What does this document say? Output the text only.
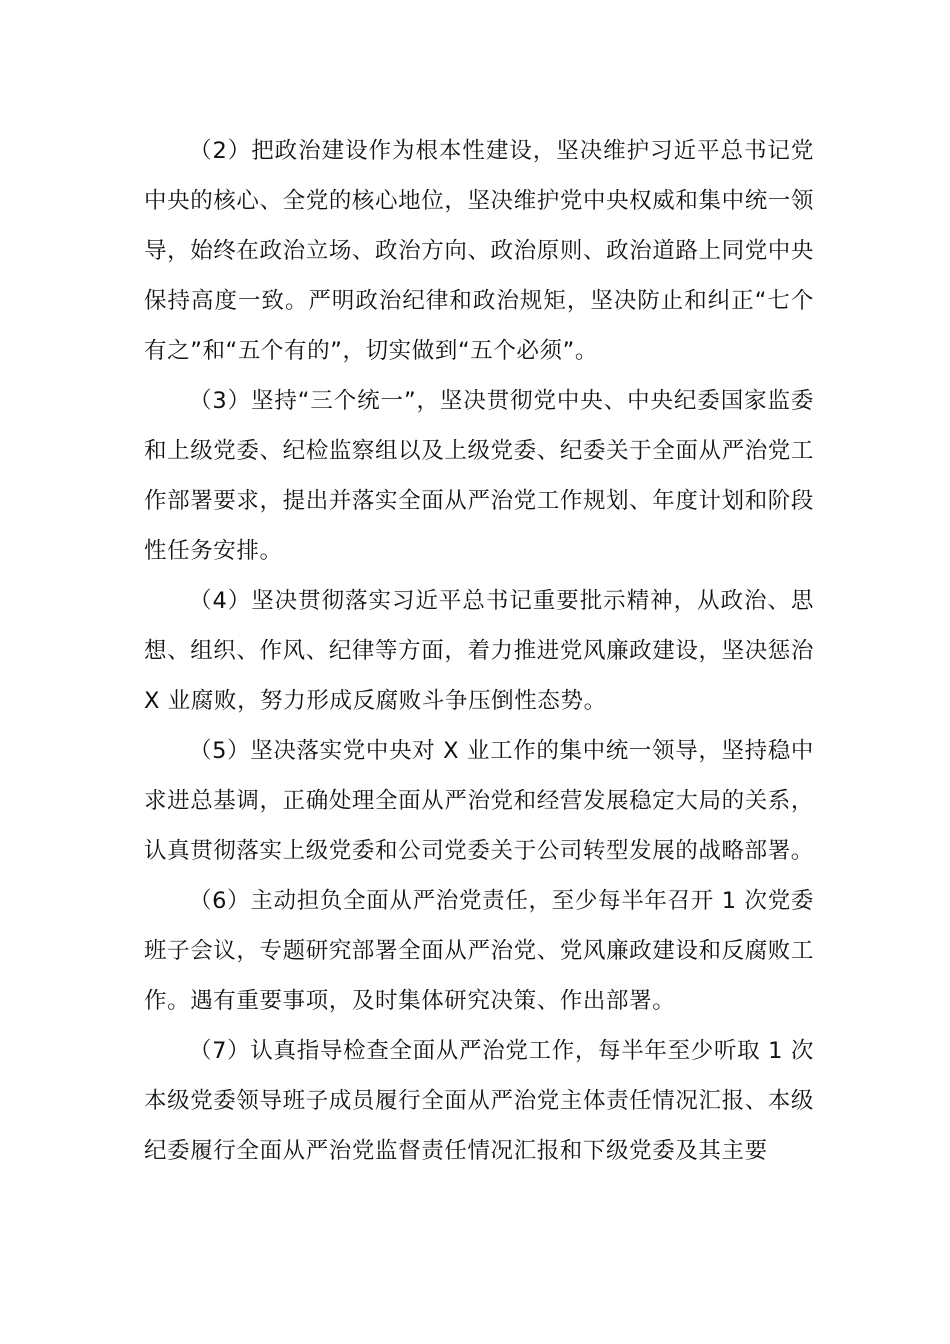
（2）把政治建设作为根本性建设，坚决维护习近平总书记党中央的核心、全党的核心地位，坚决维护党中央权威和集中统一领导，始终在政治立场、政治方向、政治原则、政治道路上同党中央保持高度一致。严明政治纪律和政治规矩，坚决防止和纠正“七个有之”和“五个有的”，切实做到“五个必须”。

（3）坚持“三个统一”，坚决贯彻党中央、中央纪委国家监委和上级党委、纪检监察组以及上级党委、纪委关于全面从严治党工作部署要求，提出并落实全面从严治党工作规划、年度计划和阶段性任务安排。

（4）坚决贯彻落实习近平总书记重要批示精神，从政治、思想、组织、作风、纪律等方面，着力推进党风廉政建设，坚决惩治 X 业腐败，努力形成反腐败斗争压倒性态势。

（5）坚决落实党中央对 X 业工作的集中统一领导，坚持稳中求进总基调，正确处理全面从严治党和经营发展稳定大局的关系，认真贯彻落实上级党委和公司党委关于公司转型发展的战略部署。

（6）主动担负全面从严治党责任，至少每半年召开 1 次党委班子会议，专题研究部署全面从严治党、党风廉政建设和反腐败工作。遇有重要事项，及时集体研究决策、作出部署。

（7）认真指导检查全面从严治党工作，每半年至少听取 1 次本级党委领导班子成员履行全面从严治党主体责任情况汇报、本级纪委履行全面从严治党监督责任情况汇报和下级党委及其主要
